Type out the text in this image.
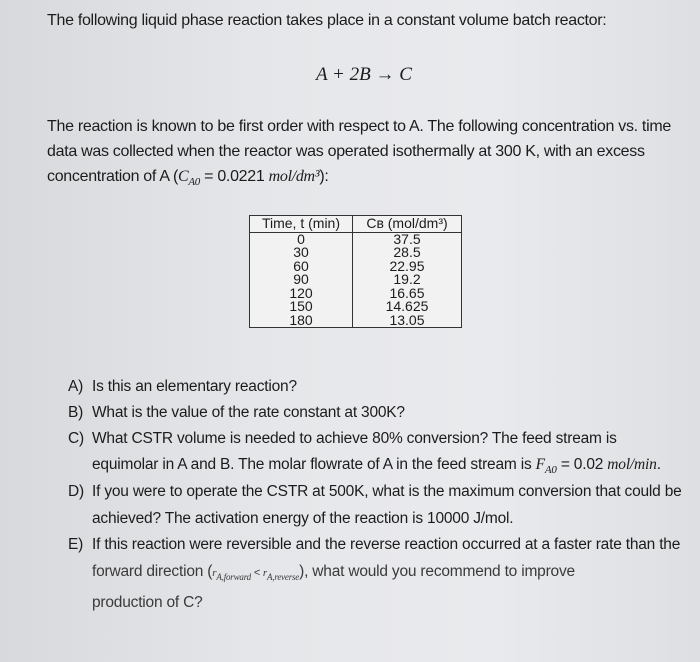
The following liquid phase reaction takes place in a constant volume batch reactor:
A + 2B → C
The reaction is known to be first order with respect to A. The following concentration vs. time
data was collected when the reactor was operated isothermally at 300 K, with an excess
concentration of A ($C_{A0} = 0.0221$ mol/dm³):
Time, t (min)	Cʙ (mol/dm³)
0	37.5
30	28.5
60	22.95
90	19.2
120	16.65
150	14.625
180	13.05
A) Is this an elementary reaction?
B) What is the value of the rate constant at 300K?
C) What CSTR volume is needed to achieve 80% conversion? The feed stream is
equimolar in A and B. The molar flowrate of A in the feed stream is $F_{A0} = 0.02$ mol/min.
D) If you were to operate the CSTR at 500K, what is the maximum conversion that could be
achieved? The activation energy of the reaction is 10000 J/mol.
E) If this reaction were reversible and the reverse reaction occurred at a faster rate than the
forward direction $(r_{A,forward} < r_{A,reverse})$, what would you recommend to improve
production of C?
